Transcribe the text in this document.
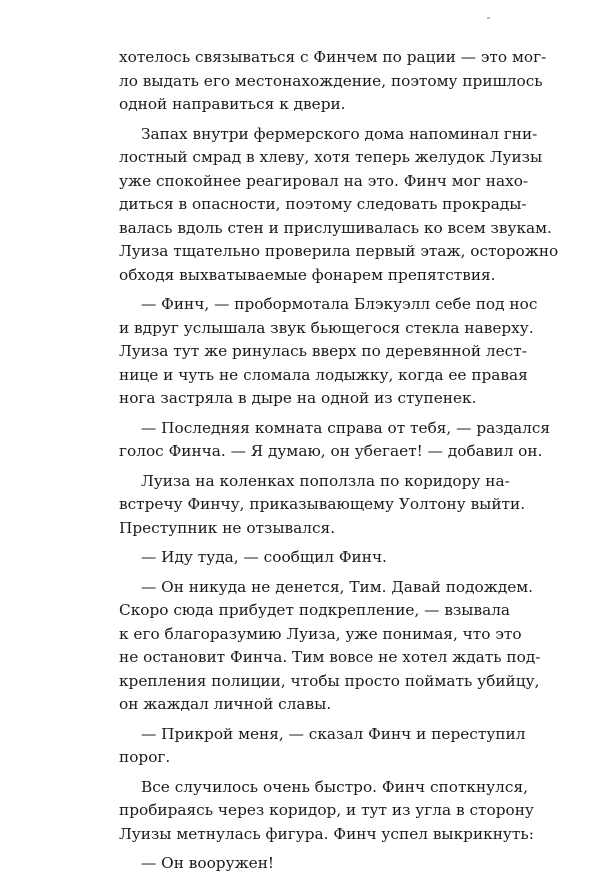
хотелось связываться с Финчем по рации — это мог-
ло выдать его местонахождение, поэтому пришлось
одной направиться к двери.
Запах внутри фермерского дома напоминал гни-
лостный смрад в хлеву, хотя теперь желудок Луизы
уже спокойнее реагировал на это. Финч мог нахо-
диться в опасности, поэтому следовать прокрады-
валась вдоль стен и прислушивалась ко всем звукам.
Луиза тщательно проверила первый этаж, осторожно
обходя выхватываемые фонарем препятствия.
— Финч, — пробормотала Блэкуэлл себе под нос
и вдруг услышала звук бьющегося стекла наверху.
Луиза тут же ринулась вверх по деревянной лест-
нице и чуть не сломала лодыжку, когда ее правая
нога застряла в дыре на одной из ступенек.
— Последняя комната справа от тебя, — раздался
голос Финча. — Я думаю, он убегает! — добавил он.
Луиза на коленках поползла по коридору на-
встречу Финчу, приказывающему Уолтону выйти.
Преступник не отзывался.
— Иду туда, — сообщил Финч.
— Он никуда не денется, Тим. Давай подождем.
Скоро сюда прибудет подкрепление, — взывала
к его благоразумию Луиза, уже понимая, что это
не остановит Финча. Тим вовсе не хотел ждать под-
крепления полиции, чтобы просто поймать убийцу,
он жаждал личной славы.
— Прикрой меня, — сказал Финч и переступил
порог.
Все случилось очень быстро. Финч споткнулся,
пробираясь через коридор, и тут из угла в сторону
Луизы метнулась фигура. Финч успел выкрикнуть:
— Он вооружен!
